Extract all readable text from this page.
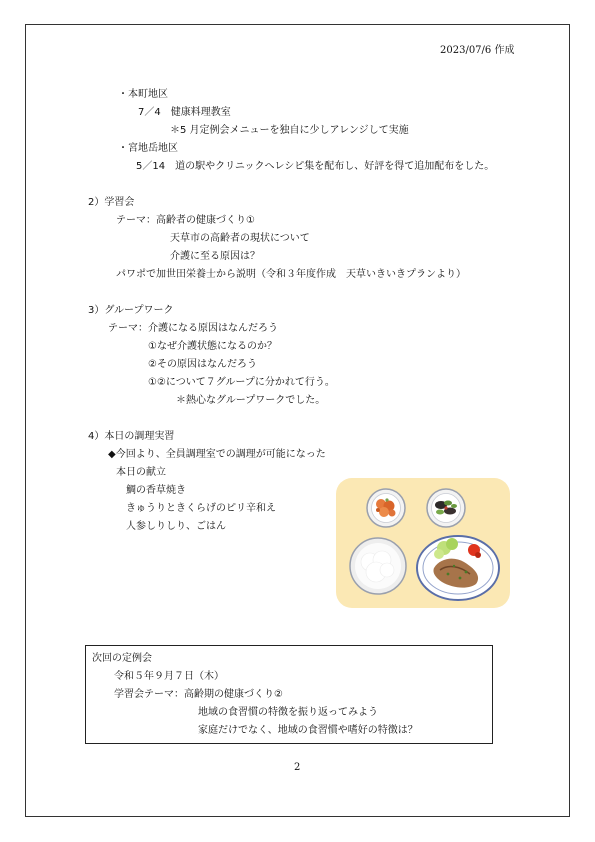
2023/07/6 作成
・本町地区
7／4　健康料理教室
＊5 月定例会メニューを独自に少しアレンジして実施
・宮地岳地区
5／14　道の駅やクリニックへレシピ集を配布し、好評を得て追加配布をした。
2）学習会
テーマ：高齢者の健康づくり①
天草市の高齢者の現状について
介護に至る原因は？
パワポで加世田栄養士から説明（令和３年度作成　天草いきいきプランより）
3）グループワーク
テーマ：介護になる原因はなんだろう
①なぜ介護状態になるのか？
②その原因はなんだろう
①②について７グループに分かれて行う。
＊熱心なグループワークでした。
4）本日の調理実習
◆今回より、全員調理室での調理が可能になった
本日の献立
鯛の香草焼き
きゅうりときくらげのピリ辛和え
人参しりしり、ごはん
次回の定例会
令和５年９月７日（木）
学習会テーマ：高齢期の健康づくり②
地域の食習慣の特徴を振り返ってみよう
家庭だけでなく、地域の食習慣や嗜好の特徴は？
2
